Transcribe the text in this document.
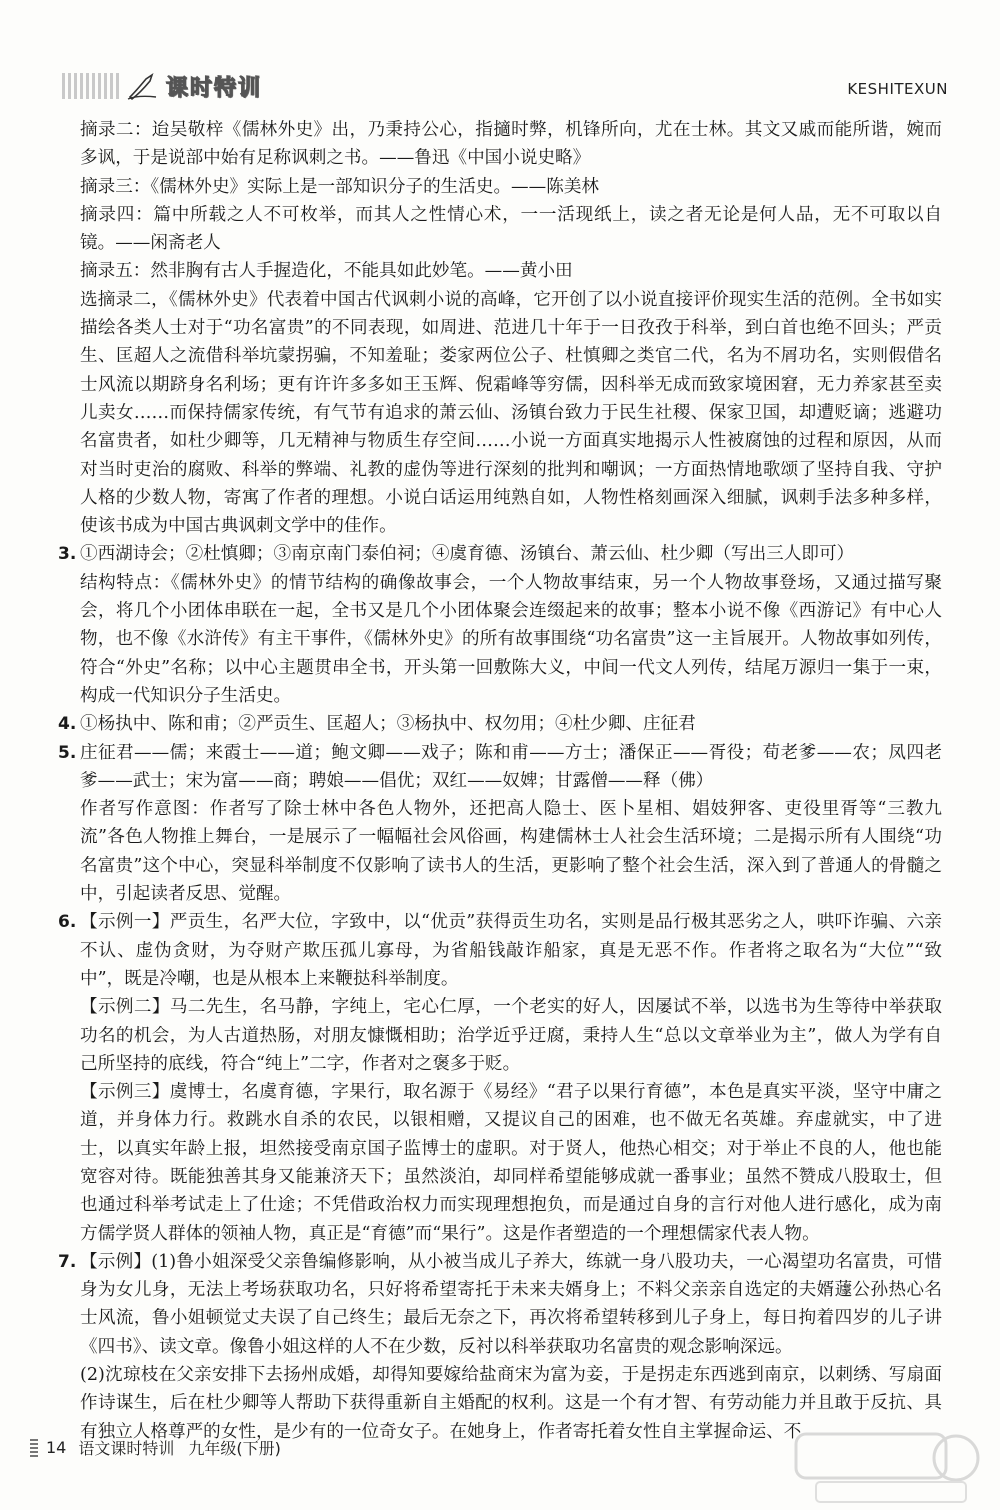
课时特训	KESHITEXUN

摘录二：迨吴敬梓《儒林外史》出，乃秉持公心，指擿时弊，机锋所向，尤在士林。其文又戚而能所谐，婉而多讽，于是说部中始有足称讽刺之书。——鲁迅《中国小说史略》

摘录三：《儒林外史》实际上是一部知识分子的生活史。——陈美林

摘录四：篇中所载之人不可枚举，而其人之性情心术，一一活现纸上，读之者无论是何人品，无不可取以自镜。——闲斋老人

摘录五：然非胸有古人手握造化，不能具如此妙笔。——黄小田

选摘录二，《儒林外史》代表着中国古代讽刺小说的高峰，它开创了以小说直接评价现实生活的范例。全书如实描绘各类人士对于“功名富贵”的不同表现，如周进、范进几十年于一日孜孜于科举，到白首也绝不回头；严贡生、匡超人之流借科举坑蒙拐骗，不知羞耻；娄家两位公子、杜慎卿之类官二代，名为不屑功名，实则假借名士风流以期跻身名利场；更有许许多多如王玉辉、倪霜峰等穷儒，因科举无成而致家境困窘，无力养家甚至卖儿卖女……而保持儒家传统，有气节有追求的萧云仙、汤镇台致力于民生社稷、保家卫国，却遭贬谪；逃避功名富贵者，如杜少卿等，几无精神与物质生存空间……小说一方面真实地揭示人性被腐蚀的过程和原因，从而对当时吏治的腐败、科举的弊端、礼教的虚伪等进行深刻的批判和嘲讽；一方面热情地歌颂了坚持自我、守护人格的少数人物，寄寓了作者的理想。小说白话运用纯熟自如，人物性格刻画深入细腻，讽刺手法多种多样，使该书成为中国古典讽刺文学中的佳作。

3. ①西湖诗会；②杜慎卿；③南京南门泰伯祠；④虞育德、汤镇台、萧云仙、杜少卿（写出三人即可）

结构特点：《儒林外史》的情节结构的确像故事会，一个人物故事结束，另一个人物故事登场，又通过描写聚会，将几个小团体串联在一起，全书又是几个小团体聚会连缀起来的故事；整本小说不像《西游记》有中心人物，也不像《水浒传》有主干事件，《儒林外史》的所有故事围绕“功名富贵”这一主旨展开。人物故事如列传，符合“外史”名称；以中心主题贯串全书，开头第一回敷陈大义，中间一代文人列传，结尾万源归一集于一束，构成一代知识分子生活史。

4. ①杨执中、陈和甫；②严贡生、匡超人；③杨执中、权勿用；④杜少卿、庄征君

5. 庄征君——儒；来霞士——道；鲍文卿——戏子；陈和甫——方士；潘保正——胥役；荀老爹——农；凤四老爹——武士；宋为富——商；聘娘——倡优；双红——奴婢；甘露僧——释（佛）

作者写作意图：作者写了除士林中各色人物外，还把高人隐士、医卜星相、娼妓狎客、吏役里胥等“三教九流”各色人物推上舞台，一是展示了一幅幅社会风俗画，构建儒林士人社会生活环境；二是揭示所有人围绕“功名富贵”这个中心，突显科举制度不仅影响了读书人的生活，更影响了整个社会生活，深入到了普通人的骨髓之中，引起读者反思、觉醒。

6. 【示例一】严贡生，名严大位，字致中，以“优贡”获得贡生功名，实则是品行极其恶劣之人，哄吓诈骗、六亲不认、虚伪贪财，为夺财产欺压孤儿寡母，为省船钱敲诈船家，真是无恶不作。作者将之取名为“大位”“致中”，既是冷嘲，也是从根本上来鞭挞科举制度。

【示例二】马二先生，名马静，字纯上，宅心仁厚，一个老实的好人，因屡试不举，以选书为生等待中举获取功名的机会，为人古道热肠，对朋友慷慨相助；治学近乎迂腐，秉持人生“总以文章举业为主”，做人为学有自己所坚持的底线，符合“纯上”二字，作者对之褒多于贬。

【示例三】虞博士，名虞育德，字果行，取名源于《易经》“君子以果行育德”，本色是真实平淡，坚守中庸之道，并身体力行。救跳水自杀的农民，以银相赠，又提议自己的困难，也不做无名英雄。弃虚就实，中了进士，以真实年龄上报，坦然接受南京国子监博士的虚职。对于贤人，他热心相交；对于举止不良的人，他也能宽容对待。既能独善其身又能兼济天下；虽然淡泊，却同样希望能够成就一番事业；虽然不赞成八股取士，但也通过科举考试走上了仕途；不凭借政治权力而实现理想抱负，而是通过自身的言行对他人进行感化，成为南方儒学贤人群体的领袖人物，真正是“育德”而“果行”。这是作者塑造的一个理想儒家代表人物。

7. 【示例】(1)鲁小姐深受父亲鲁编修影响，从小被当成儿子养大，练就一身八股功夫，一心渴望功名富贵，可惜身为女儿身，无法上考场获取功名，只好将希望寄托于未来夫婿身上；不料父亲亲自选定的夫婿蘧公孙热心名士风流，鲁小姐顿觉丈夫误了自己终生；最后无奈之下，再次将希望转移到儿子身上，每日拘着四岁的儿子讲《四书》、读文章。像鲁小姐这样的人不在少数，反衬以科举获取功名富贵的观念影响深远。

(2)沈琼枝在父亲安排下去扬州成婚，却得知要嫁给盐商宋为富为妾，于是拐走东西逃到南京，以刺绣、写扇面作诗谋生，后在杜少卿等人帮助下获得重新自主婚配的权利。这是一个有才智、有劳动能力并且敢于反抗、具有独立人格尊严的女性，是少有的一位奇女子。在她身上，作者寄托着女性自主掌握命运、不

14 语文课时特训 九年级(下册)
